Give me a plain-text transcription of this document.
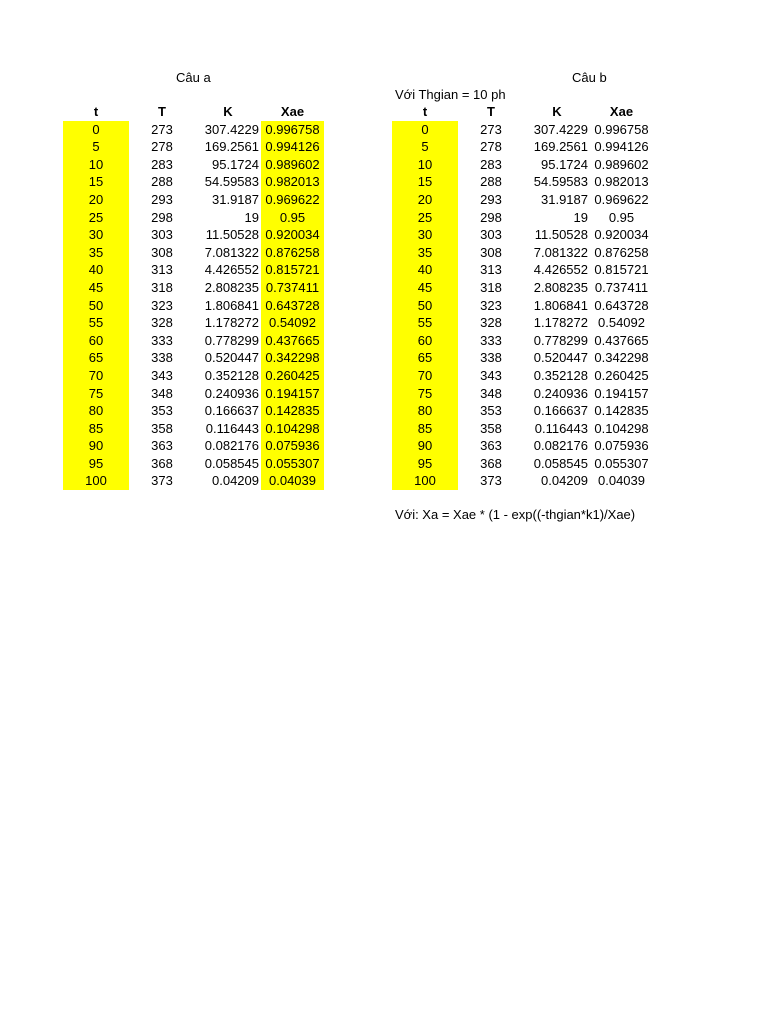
Câu a	Câu b
Với Thgian = 10 ph
t	T	K	Xae
0	273	307.4229	0.996758
5	278	169.2561	0.994126
10	283	95.1724	0.989602
15	288	54.59583	0.982013
20	293	31.9187	0.969622
25	298	19	0.95
30	303	11.50528	0.920034
35	308	7.081322	0.876258
40	313	4.426552	0.815721
45	318	2.808235	0.737411
50	323	1.806841	0.643728
55	328	1.178272	0.54092
60	333	0.778299	0.437665
65	338	0.520447	0.342298
70	343	0.352128	0.260425
75	348	0.240936	0.194157
80	353	0.166637	0.142835
85	358	0.116443	0.104298
90	363	0.082176	0.075936
95	368	0.058545	0.055307
100	373	0.04209	0.04039
t	T	K	Xae
0	273	307.4229	0.996758
5	278	169.2561	0.994126
10	283	95.1724	0.989602
15	288	54.59583	0.982013
20	293	31.9187	0.969622
25	298	19	0.95
30	303	11.50528	0.920034
35	308	7.081322	0.876258
40	313	4.426552	0.815721
45	318	2.808235	0.737411
50	323	1.806841	0.643728
55	328	1.178272	0.54092
60	333	0.778299	0.437665
65	338	0.520447	0.342298
70	343	0.352128	0.260425
75	348	0.240936	0.194157
80	353	0.166637	0.142835
85	358	0.116443	0.104298
90	363	0.082176	0.075936
95	368	0.058545	0.055307
100	373	0.04209	0.04039
Với: Xa = Xae * (1 - exp((-thgian*k1)/Xae)
